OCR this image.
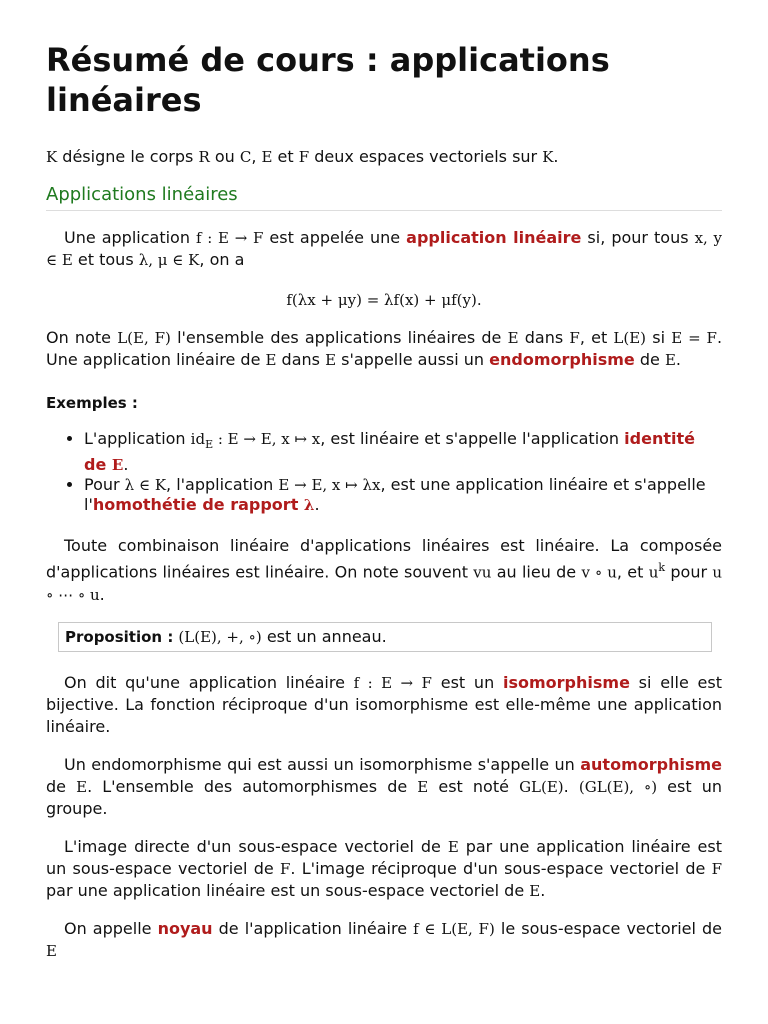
Résumé de cours : applications linéaires

K désigne le corps R ou C, E et F deux espaces vectoriels sur K.

Applications linéaires

Une application f : E → F est appelée une application linéaire si, pour tous x, y ∈ E et tous λ, μ ∈ K, on a

f(λx + μy) = λf(x) + μf(y).

On note L(E, F) l'ensemble des applications linéaires de E dans F, et L(E) si E = F. Une application linéaire de E dans E s'appelle aussi un endomorphisme de E.

Exemples :
• L'application $id_E$ : E → E, x ↦ x, est linéaire et s'appelle l'application identité de E.
• Pour λ ∈ K, l'application E → E, x ↦ λx, est une application linéaire et s'appelle l'homothétie de rapport λ.

Toute combinaison linéaire d'applications linéaires est linéaire. La composée d'applications linéaires est linéaire. On note souvent vu au lieu de v ∘ u, et $u^k$ pour u ∘ ⋯ ∘ u.

Proposition : (L(E), +, ∘) est un anneau.

On dit qu'une application linéaire f : E → F est un isomorphisme si elle est bijective. La fonction réciproque d'un isomorphisme est elle-même une application linéaire.

Un endomorphisme qui est aussi un isomorphisme s'appelle un automorphisme de E. L'ensemble des automorphismes de E est noté GL(E). (GL(E), ∘) est un groupe.

L'image directe d'un sous-espace vectoriel de E par une application linéaire est un sous-espace vectoriel de F. L'image réciproque d'un sous-espace vectoriel de F par une application linéaire est un sous-espace vectoriel de E.

On appelle noyau de l'application linéaire f ∈ L(E, F) le sous-espace vectoriel de E
